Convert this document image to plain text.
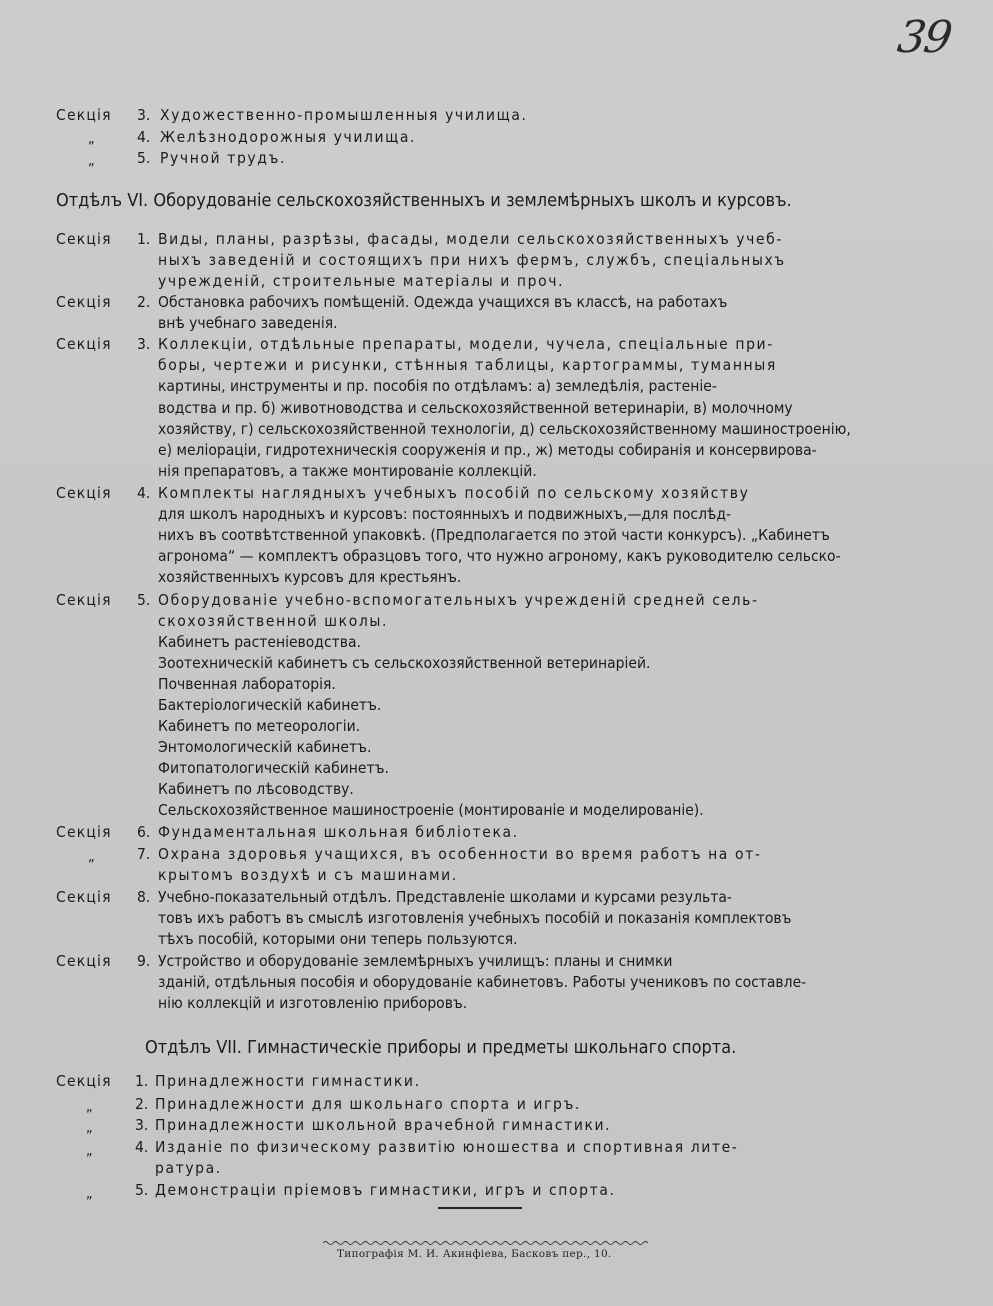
39
Секція 3. Художественно-промышленныя училища.
„	4. Желѣзнодорожныя училища.
„	5. Ручной трудъ.
Отдѣлъ VI. Оборудованіе сельскохозяйственныхъ и землемѣрныхъ школъ и курсовъ.
Секція 1. Виды, планы, разрѣзы, фасады, модели сельскохозяйственныхъ учеб-
ныхъ заведеній и состоящихъ при нихъ фермъ, службъ, спеціальныхъ
учрежденій, строительные матеріалы и проч.
Секція 2. Обстановка рабочихъ помѣщеній. Одежда учащихся въ классѣ, на работахъ
внѣ учебнаго заведенія.
Секція 3. Коллекціи, отдѣльные препараты, модели, чучела, спеціальные при-
боры, чертежи и рисунки, стѣнныя таблицы, картограммы, туманныя
картины, инструменты и пр. пособія по отдѣламъ: а) земледѣлія, растеніе-
водства и пр. б) животноводства и сельскохозяйственной ветеринаріи, в) молочному
хозяйству, г) сельскохозяйственной технологіи, д) сельскохозяйственному машиностроенію,
е) меліораціи, гидротехническія сооруженія и пр., ж) методы собиранія и консервирова-
нія препаратовъ, а также монтированіе коллекцій.
Секція 4. Комплекты наглядныхъ учебныхъ пособій по сельскому хозяйству
для школъ народныхъ и курсовъ: постоянныхъ и подвижныхъ,—для послѣд-
нихъ въ соотвѣтственной упаковкѣ. (Предполагается по этой части конкурсъ). „Кабинетъ
агронома“ — комплектъ образцовъ того, что нужно агроному, какъ руководителю сельско-
хозяйственныхъ курсовъ для крестьянъ.
Секція 5. Оборудованіе учебно-вспомогательныхъ учрежденій средней сель-
скохозяйственной школы.
Кабинетъ растеніеводства.
Зоотехническій кабинетъ съ сельскохозяйственной ветеринаріей.
Почвенная лабораторія.
Бактеріологическій кабинетъ.
Кабинетъ по метеорологіи.
Энтомологическій кабинетъ.
Фитопатологическій кабинетъ.
Кабинетъ по лѣсоводству.
Сельскохозяйственное машиностроеніе (монтированіе и моделированіе).
Секція 6. Фундаментальная школьная библіотека.
„	7. Охрана здоровья учащихся, въ особенности во время работъ на от-
крытомъ воздухѣ и съ машинами.
Секція 8. Учебно-показательный отдѣлъ. Представленіе школами и курсами результа-
товъ ихъ работъ въ смыслѣ изготовленія учебныхъ пособій и показанія комплектовъ
тѣхъ пособій, которыми они теперь пользуются.
Секція 9. Устройство и оборудованіе землемѣрныхъ училищъ: планы и снимки
зданій, отдѣльныя пособія и оборудованіе кабинетовъ. Работы учениковъ по составле-
нію коллекцій и изготовленію приборовъ.
Отдѣлъ VII. Гимнастическіе приборы и предметы школьнаго спорта.
Секція 1. Принадлежности гимнастики.
„	2. Принадлежности для школьнаго спорта и игръ.
„	3. Принадлежности школьной врачебной гимнастики.
„	4. Изданіе по физическому развитію юношества и спортивная лите-
ратура.
„	5. Демонстраціи пріемовъ гимнастики, игръ и спорта.
Типографія М. И. Акинфіева, Басковъ пер., 10.
